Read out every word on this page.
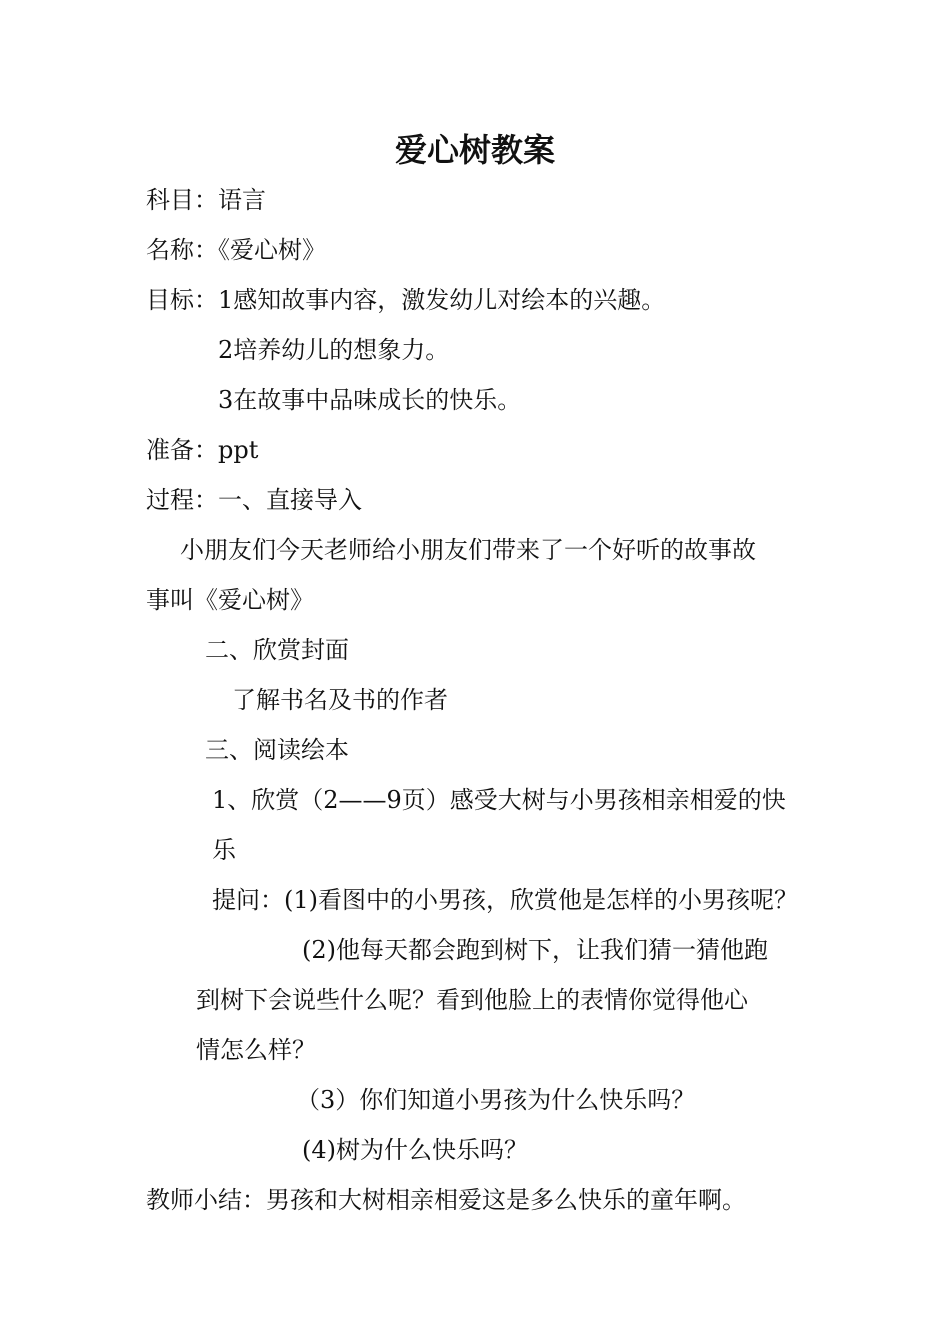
爱心树教案
科目：语言
名称：《爱心树》
目标：1感知故事内容，激发幼儿对绘本的兴趣。
2培养幼儿的想象力。
3在故事中品味成长的快乐。
准备：ppt
过程：一、直接导入
小朋友们今天老师给小朋友们带来了一个好听的故事故
事叫《爱心树》
二、欣赏封面
了解书名及书的作者
三、阅读绘本
1、欣赏（2——9页）感受大树与小男孩相亲相爱的快
乐
提问：(1)看图中的小男孩，欣赏他是怎样的小男孩呢？
(2)他每天都会跑到树下，让我们猜一猜他跑
到树下会说些什么呢？看到他脸上的表情你觉得他心
情怎么样？
（3）你们知道小男孩为什么快乐吗？
(4)树为什么快乐吗？
教师小结：男孩和大树相亲相爱这是多么快乐的童年啊。
